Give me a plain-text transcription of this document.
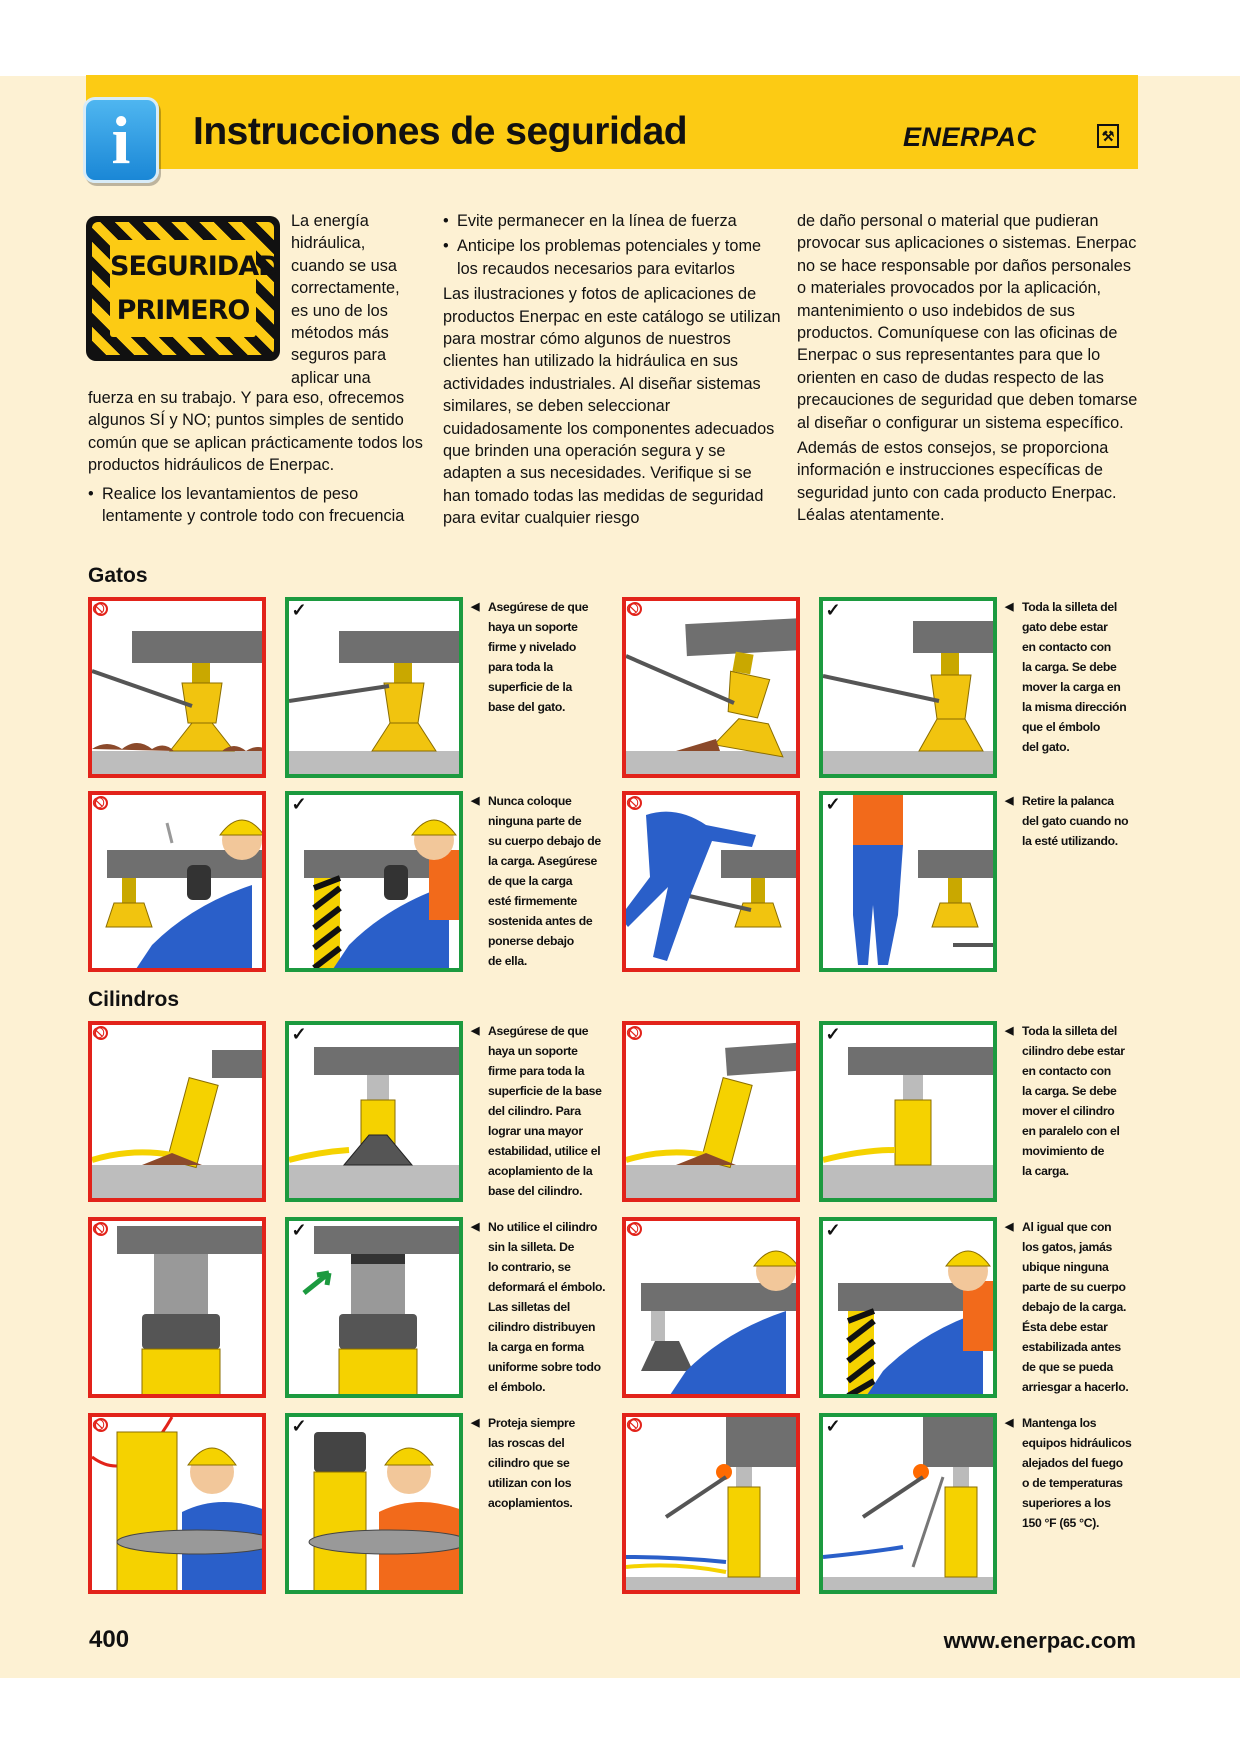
i	Instrucciones de seguridad	ENERPAC	⚒
SEGURIDAD
PRIMERO
La energía
hidráulica,
cuando se usa
correctamente,
es uno de los
métodos más
seguros para
aplicar una

fuerza en su trabajo. Y para eso, ofrecemos algunos SÍ y NO; puntos simples de sentido común que se aplican prácticamente todos los productos hidráulicos de Enerpac.

• Realice los levantamientos de peso lentamente y controle todo con frecuencia

• Evite permanecer en la línea de fuerza

• Anticipe los problemas potenciales y tome los recaudos necesarios para evitarlos

Las ilustraciones y fotos de aplicaciones de productos Enerpac en este catálogo se utilizan para mostrar cómo algunos de nuestros clientes han utilizado la hidráulica en sus actividades industriales. Al diseñar sistemas similares, se deben seleccionar cuidadosamente los componentes adecuados que brinden una operación segura y se adapten a sus necesidades. Verifique si se han tomado todas las medidas de seguridad para evitar cualquier riesgo

de daño personal o material que pudieran provocar sus aplicaciones o sistemas. Enerpac no se hace responsable por daños personales o materiales provocados por la aplicación, mantenimiento o uso indebidos de sus productos. Comuníquese con las oficinas de Enerpac o sus representantes para que lo orienten en caso de dudas respecto de las precauciones de seguridad que deben tomarse al diseñar o configurar un sistema específico.

Además de estos consejos, se proporciona información e instrucciones específicas de seguridad junto con cada producto Enerpac. Léalas atentamente.

Gatos
Cilindros
✓	◀ Asegúrese de que
haya un soporte
firme y nivelado
para toda la
superficie de la
base del gato.
✓	◀ Toda la silleta del
gato debe estar
en contacto con
la carga. Se debe
mover la carga en
la misma dirección
que el émbolo
del gato.
✓	◀ Nunca coloque
ninguna parte de
su cuerpo debajo de
la carga. Asegúrese
de que la carga
esté firmemente
sostenida antes de
ponerse debajo
de ella.
✓	◀ Retire la palanca
del gato cuando no
la esté utilizando.
✓	◀ Asegúrese de que
haya un soporte
firme para toda la
superficie de la base
del cilindro. Para
lograr una mayor
estabilidad, utilice el
acoplamiento de la
base del cilindro.
✓	◀ Toda la silleta del
cilindro debe estar
en contacto con
la carga. Se debe
mover el cilindro
en paralelo con el
movimiento de
la carga.
✓	◀ No utilice el cilindro
sin la silleta. De
lo contrario, se
deformará el émbolo.
Las silletas del
cilindro distribuyen
la carga en forma
uniforme sobre todo
el émbolo.
✓	◀ Al igual que con
los gatos, jamás
ubique ninguna
parte de su cuerpo
debajo de la carga.
Ésta debe estar
estabilizada antes
de que se pueda
arriesgar a hacerlo.
✓	◀ Proteja siempre
las roscas del
cilindro que se
utilizan con los
acoplamientos.
✓	◀ Mantenga los
equipos hidráulicos
alejados del fuego
o de temperaturas
superiores a los
150 °F (65 °C).
400	www.enerpac.com
